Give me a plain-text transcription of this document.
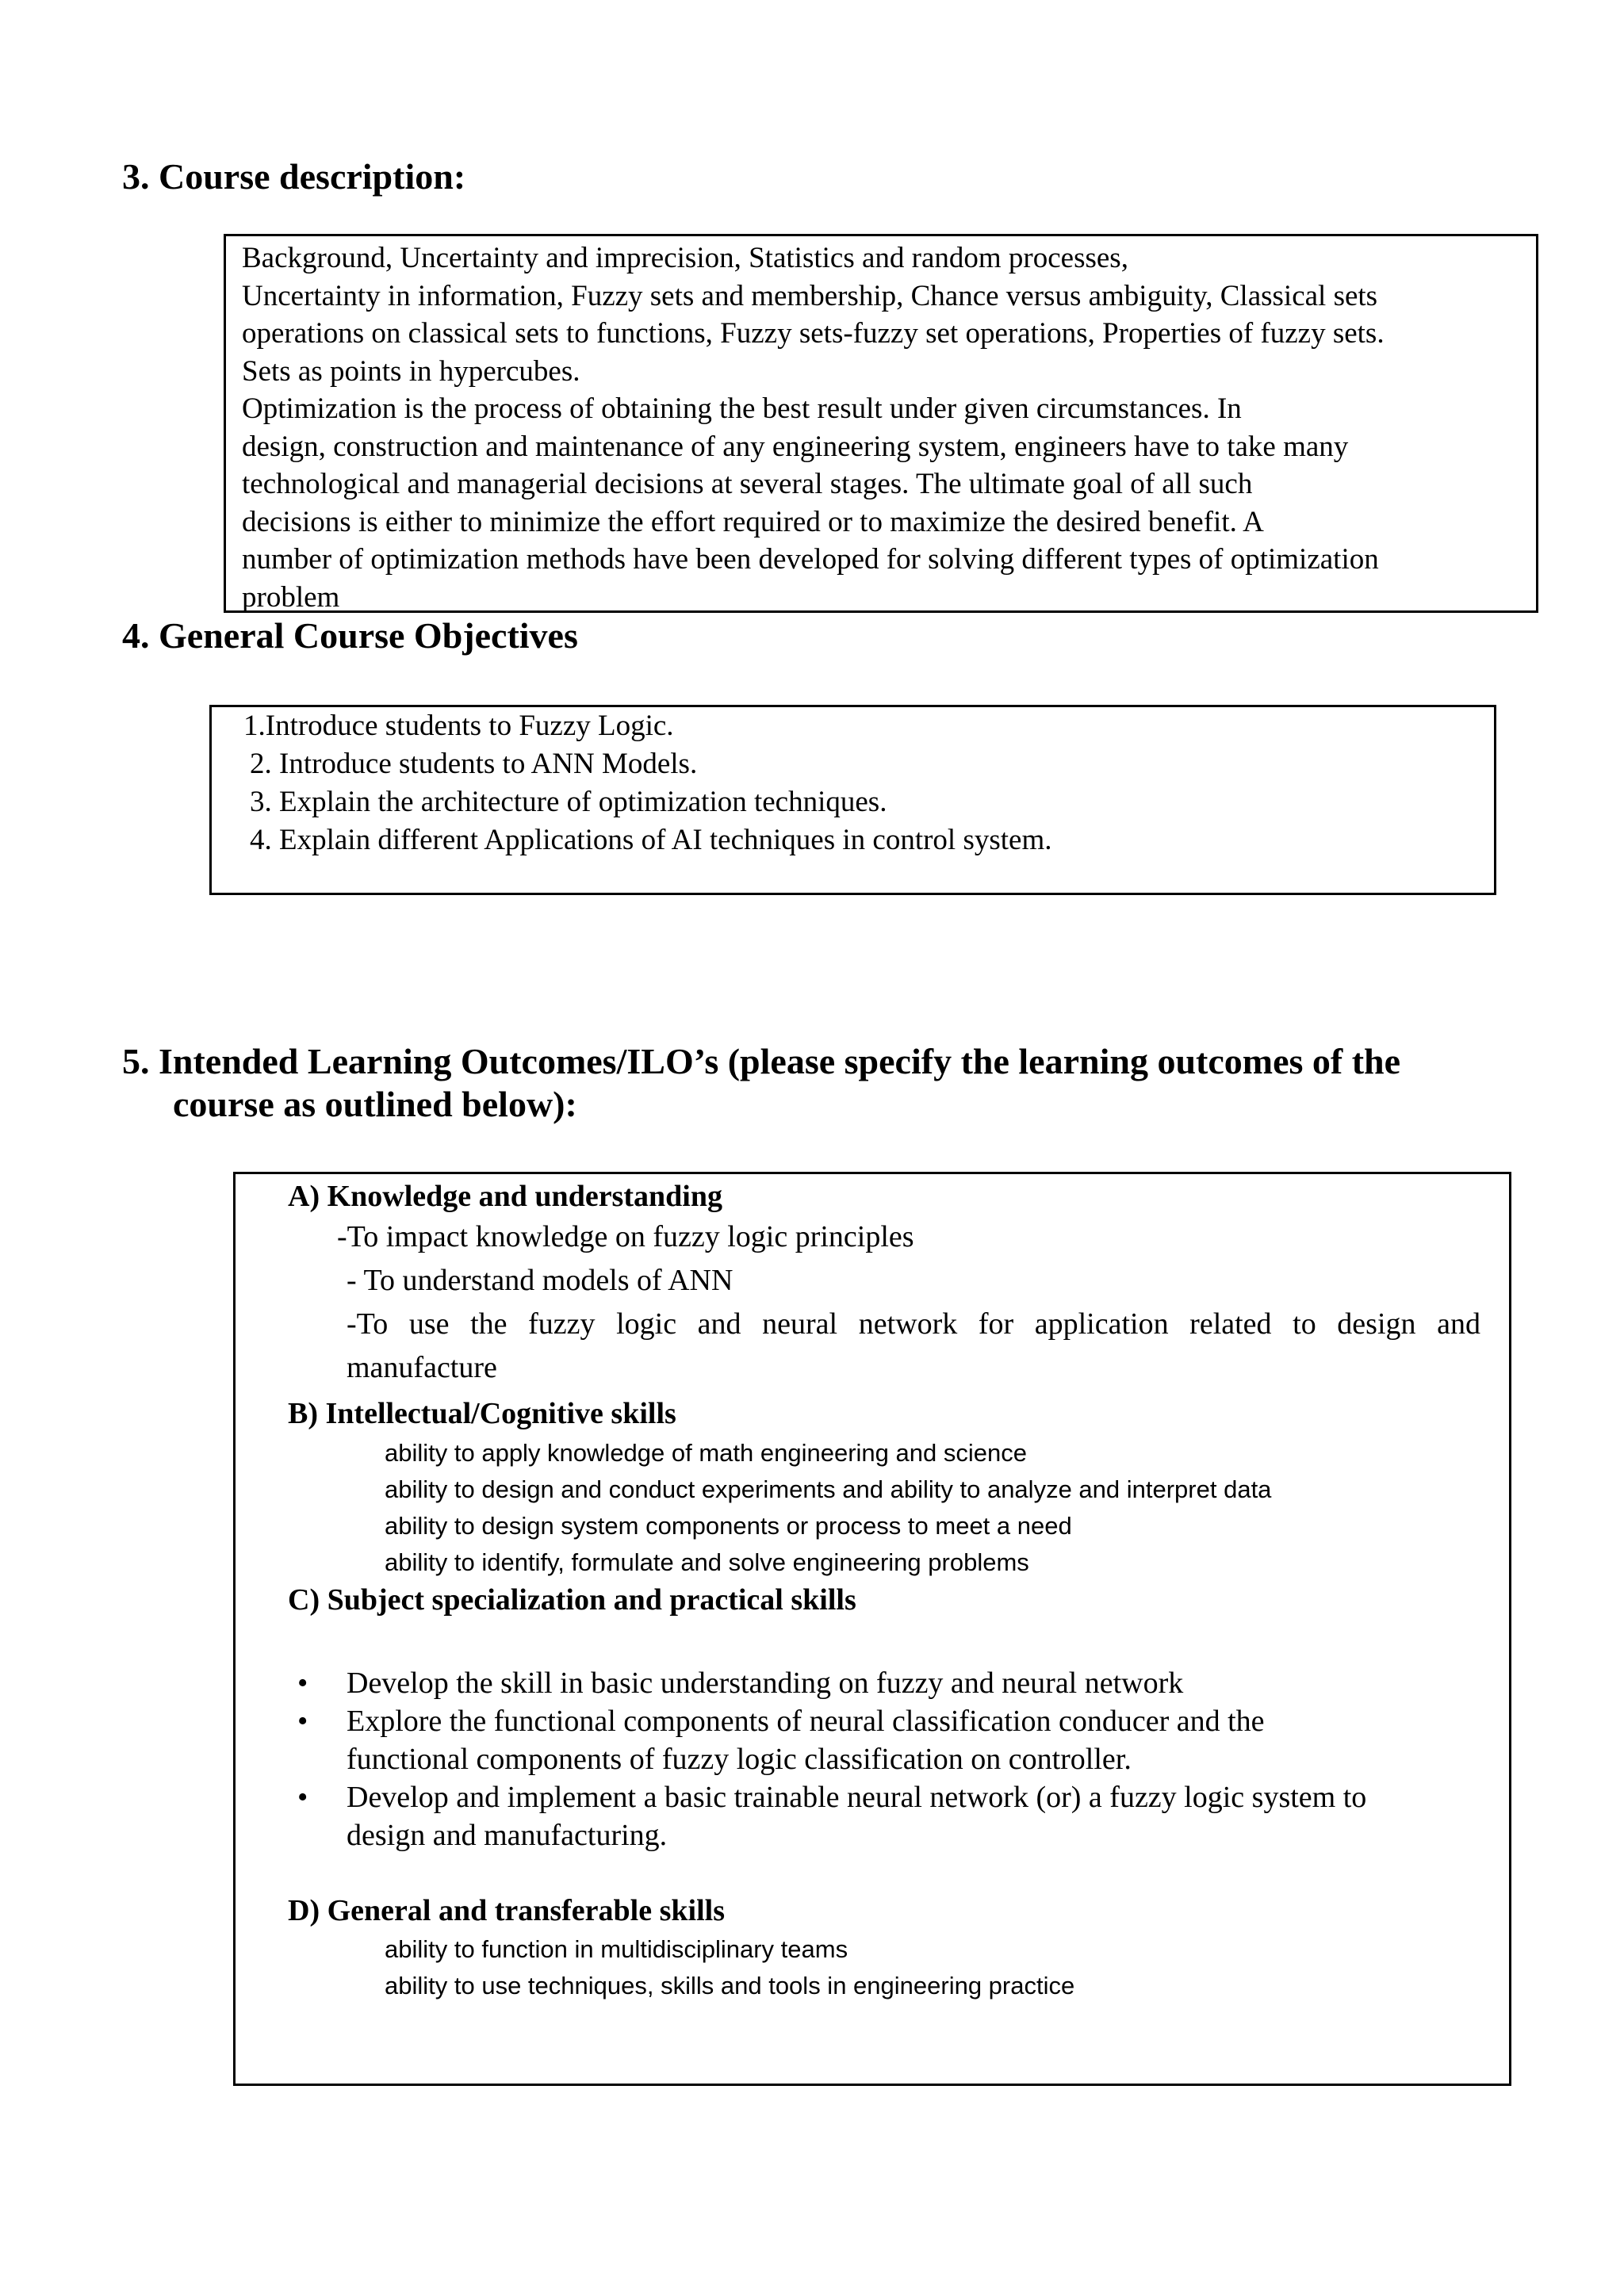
3. Course description:

Background, Uncertainty and imprecision, Statistics and random processes,

Uncertainty in information, Fuzzy sets and membership, Chance versus ambiguity, Classical sets

operations on classical sets to functions, Fuzzy sets-fuzzy set operations, Properties of fuzzy sets.

Sets as points in hypercubes.

Optimization is the process of obtaining the best result under given circumstances. In

design, construction and maintenance of any engineering system, engineers have to take many

technological and managerial decisions at several stages. The ultimate goal of all such

decisions is either to minimize the effort required or to maximize the desired benefit. A

number of optimization methods have been developed for solving different types of optimization

problem

4. General Course Objectives

1.Introduce students to Fuzzy Logic.

2. Introduce students to ANN Models.

3. Explain the architecture of optimization techniques.

4. Explain different Applications of AI techniques in control system.

5. Intended Learning Outcomes/ILO’s (please specify the learning outcomes of the
course as outlined below):
A) Knowledge and understanding
-To impact knowledge on fuzzy logic principles
- To understand models of ANN
-To use the fuzzy logic and neural network for application related to design and
manufacture
B) Intellectual/Cognitive skills
ability to apply knowledge of math engineering and science
ability to design and conduct experiments and ability to analyze and interpret data
ability to design system components or process to meet a need
ability to identify, formulate and solve engineering problems
C) Subject specialization and practical skills
• Develop the skill in basic understanding on fuzzy and neural network
• Explore the functional components of neural classification conducer and the
functional components of fuzzy logic classification on controller.
• Develop and implement a basic trainable neural network (or) a fuzzy logic system to
design and manufacturing.
D) General and transferable skills
ability to function in multidisciplinary teams
ability to use techniques, skills and tools in engineering practice
